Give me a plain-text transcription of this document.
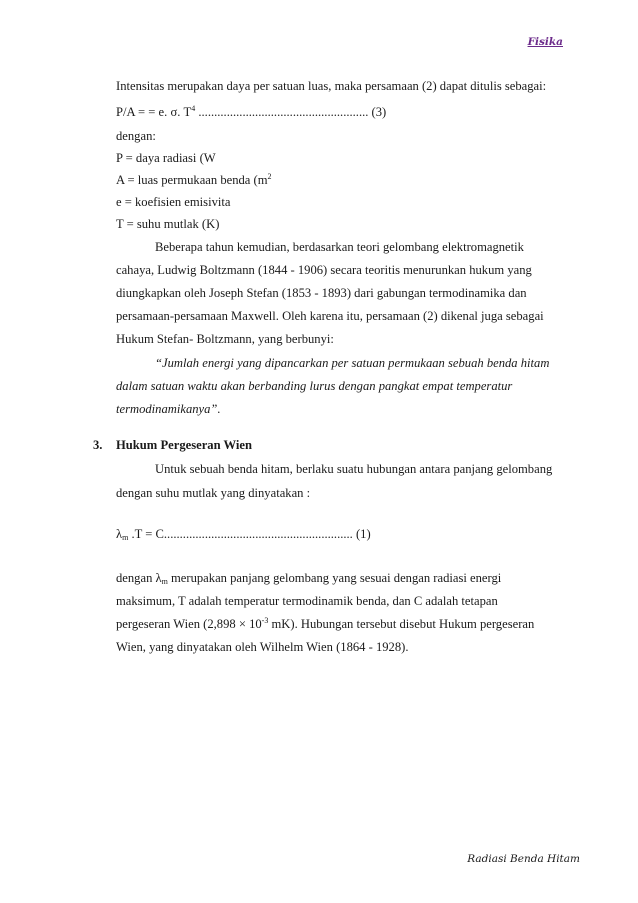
Fisika
Intensitas merupakan daya per satuan luas, maka persamaan (2) dapat ditulis sebagai:
P/A = = e. σ. $T^4$ ...................................................... (3)
dengan:
P = daya radiasi (W
A = luas permukaan benda ($m^2$
e = koefisien emisivita
T = suhu mutlak (K)
Beberapa tahun kemudian, berdasarkan teori gelombang elektromagnetik
cahaya, Ludwig Boltzmann (1844 - 1906) secara teoritis menurunkan hukum yang
diungkapkan oleh Joseph Stefan (1853 - 1893) dari gabungan termodinamika dan
persamaan-persamaan Maxwell. Oleh karena itu, persamaan (2) dikenal juga sebagai
Hukum Stefan- Boltzmann, yang berbunyi:
“Jumlah energi yang dipancarkan per satuan permukaan sebuah benda hitam
dalam satuan waktu akan berbanding lurus dengan pangkat empat temperatur
termodinamikanya”.
3. Hukum Pergeseran Wien
Untuk sebuah benda hitam, berlaku suatu hubungan antara panjang gelombang
dengan suhu mutlak yang dinyatakan :
$\lambda_m$ .T = C............................................................ (1)
dengan $\lambda_m$ merupakan panjang gelombang yang sesuai dengan radiasi energi
maksimum, T adalah temperatur termodinamik benda, dan C adalah tetapan
pergeseran Wien ($2,898 \times 10^{-3}$ mK). Hubungan tersebut disebut Hukum pergeseran
Wien, yang dinyatakan oleh Wilhelm Wien (1864 - 1928).
Radiasi Benda Hitam
